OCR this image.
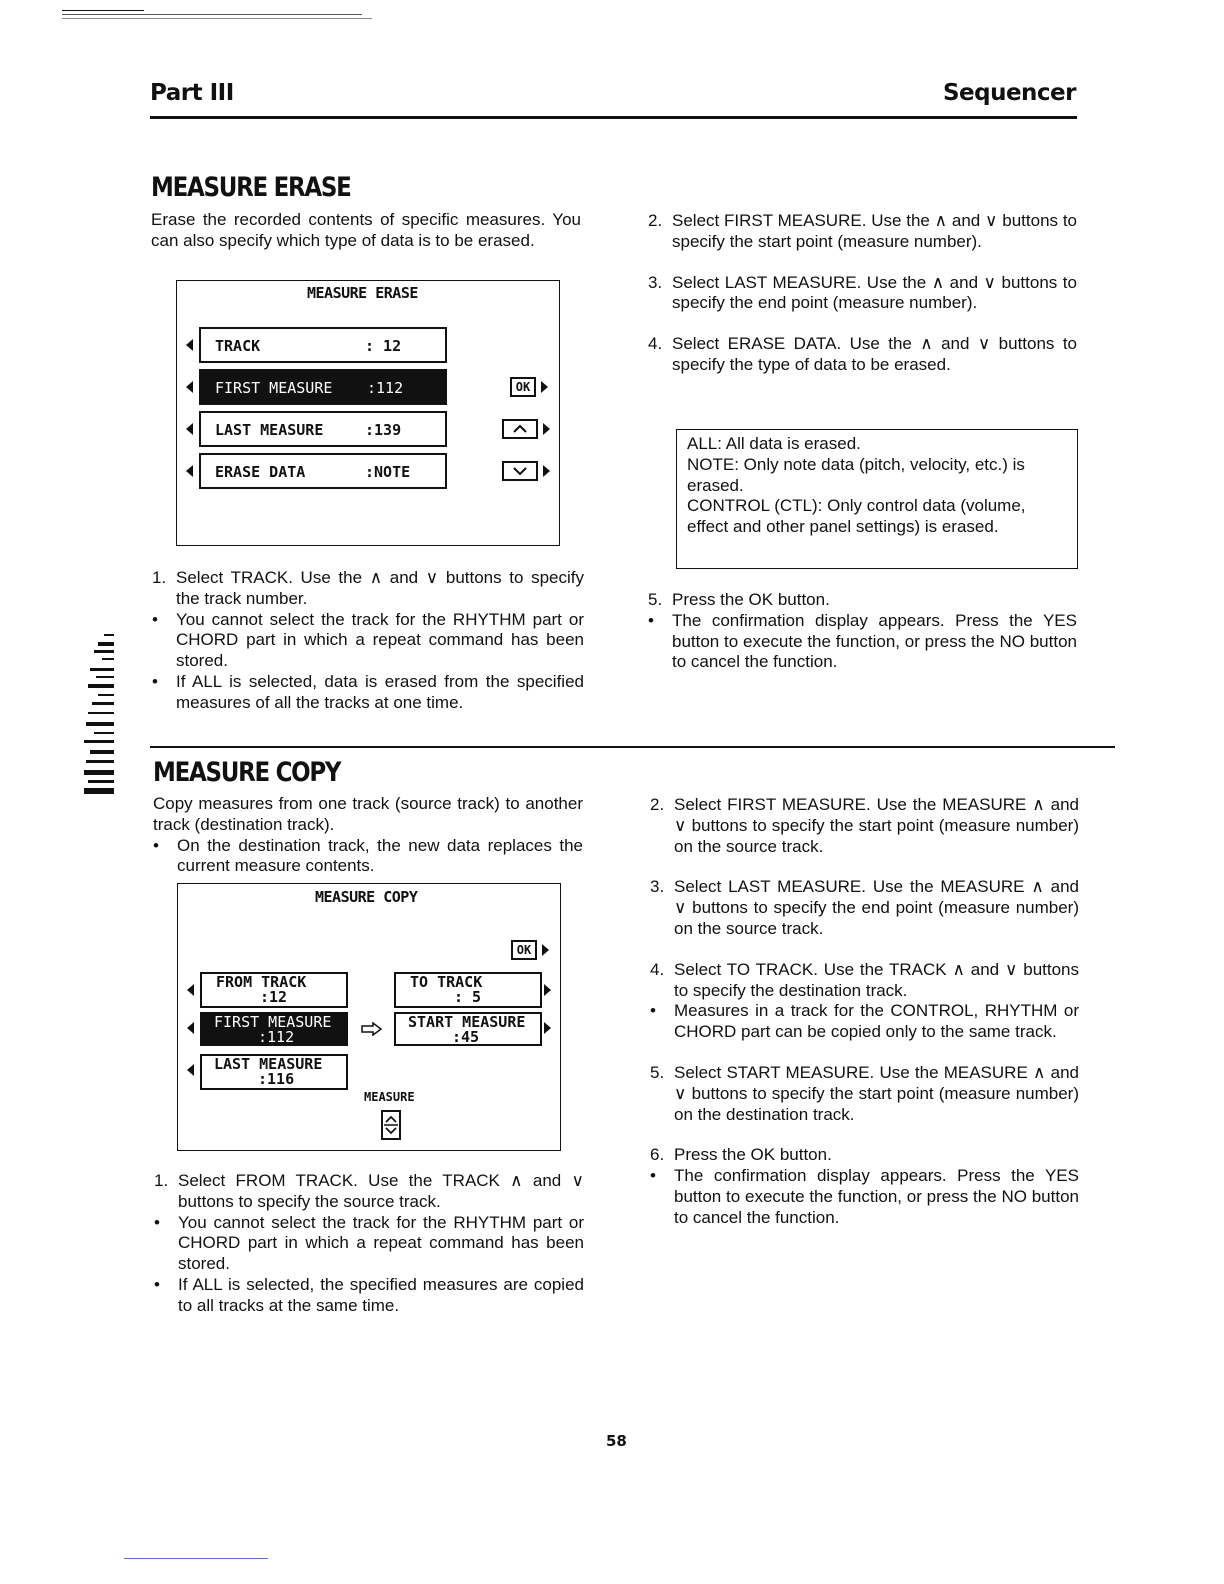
Part III	Sequencer
MEASURE ERASE
Erase the recorded contents of specific measures. You can also specify which type of data is to be erased.
MEASURE ERASE
TRACK	: 12
FIRST MEASURE :112	OK
LAST MEASURE	:139
ERASE DATA	:NOTE
1. Select TRACK. Use the ∧ and ∨ buttons to specify the track number.
• You cannot select the track for the RHYTHM part or CHORD part in which a repeat command has been stored.
• If ALL is selected, data is erased from the specified measures of all the tracks at one time.
2. Select FIRST MEASURE. Use the ∧ and ∨ buttons to specify the start point (measure number).
3. Select LAST MEASURE. Use the ∧ and ∨ buttons to specify the end point (measure number).
4. Select ERASE DATA. Use the ∧ and ∨ buttons to specify the type of data to be erased.
ALL: All data is erased.
NOTE: Only note data (pitch, velocity, etc.) is erased.
CONTROL (CTL): Only control data (volume, effect and other panel settings) is erased.
5. Press the OK button.
• The confirmation display appears. Press the YES button to execute the function, or press the NO button to cancel the function.
MEASURE COPY

Copy measures from one track (source track) to another track (destination track).

• On the destination track, the new data replaces the current measure contents.
MEASURE COPY
OK
FROM TRACK
:12
TO TRACK
: 5
FIRST MEASURE
:112
START MEASURE
:45
LAST MEASURE
:116
MEASURE
1. Select FROM TRACK. Use the TRACK ∧ and ∨ buttons to specify the source track.
• You cannot select the track for the RHYTHM part or CHORD part in which a repeat command has been stored.
• If ALL is selected, the specified measures are copied to all tracks at the same time.
2. Select FIRST MEASURE. Use the MEASURE ∧ and ∨ buttons to specify the start point (measure number) on the source track.
3. Select LAST MEASURE. Use the MEASURE ∧ and ∨ buttons to specify the end point (measure number) on the source track.
4. Select TO TRACK. Use the TRACK ∧ and ∨ buttons to specify the destination track.
• Measures in a track for the CONTROL, RHYTHM or CHORD part can be copied only to the same track.
5. Select START MEASURE. Use the MEASURE ∧ and ∨ buttons to specify the start point (measure number) on the destination track.
6. Press the OK button.
• The confirmation display appears. Press the YES button to execute the function, or press the NO button to cancel the function.
58
